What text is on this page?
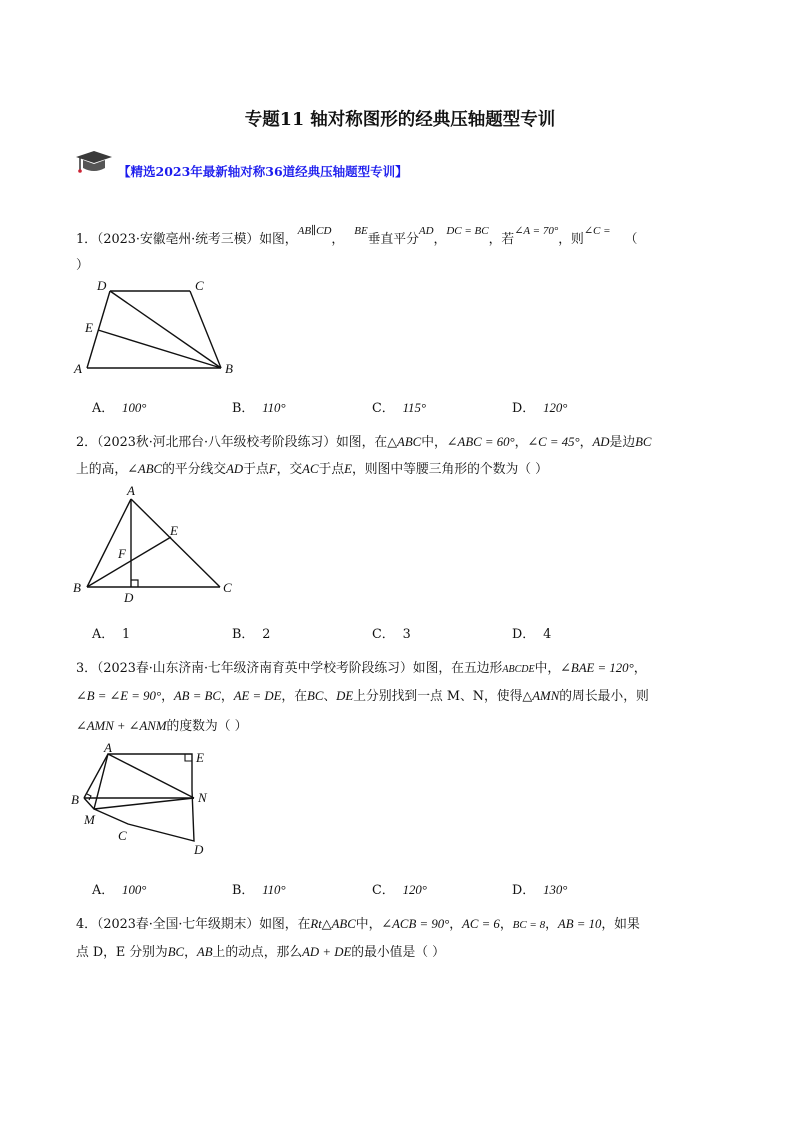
专题11 轴对称图形的经典压轴题型专训
【精选2023年最新轴对称36道经典压轴题型专训】
1．（2023·安徽亳州·统考三模）如图，AB∥CD，BE垂直平分AD，DC = BC，若∠A = 70°，则∠C =（
）
D	C
E
A	B
A． 100°	B． 110°	C． 115°	D． 120°
2．（2023秋·河北邢台·八年级校考阶段练习）如图，在△ABC中，∠ABC = 60°，∠C = 45°，AD是边BC
上的高，∠ABC的平分线交AD于点F，交AC于点E，则图中等腰三角形的个数为（ ）
A
E
F
B
D
C
A． 1	B． 2	C． 3	D． 4
3．（2023春·山东济南·七年级济南育英中学校考阶段练习）如图，在五边形ABCDE中，∠BAE = 120°，
∠B = ∠E = 90°，AB = BC，AE = DE，在BC、DE上分别找到一点 M、N，使得△AMN的周长最小，则
∠AMN + ∠ANM的度数为（ ）
A
E
B	N
M
C
D
A． 100°	B． 110°	C． 120°	D． 130°
4．（2023春·全国·七年级期末）如图，在Rt△ABC中，∠ACB = 90°，AC = 6，BC = 8，AB = 10，如果
点 D，E 分别为BC，AB上的动点，那么AD + DE的最小值是（ ）
